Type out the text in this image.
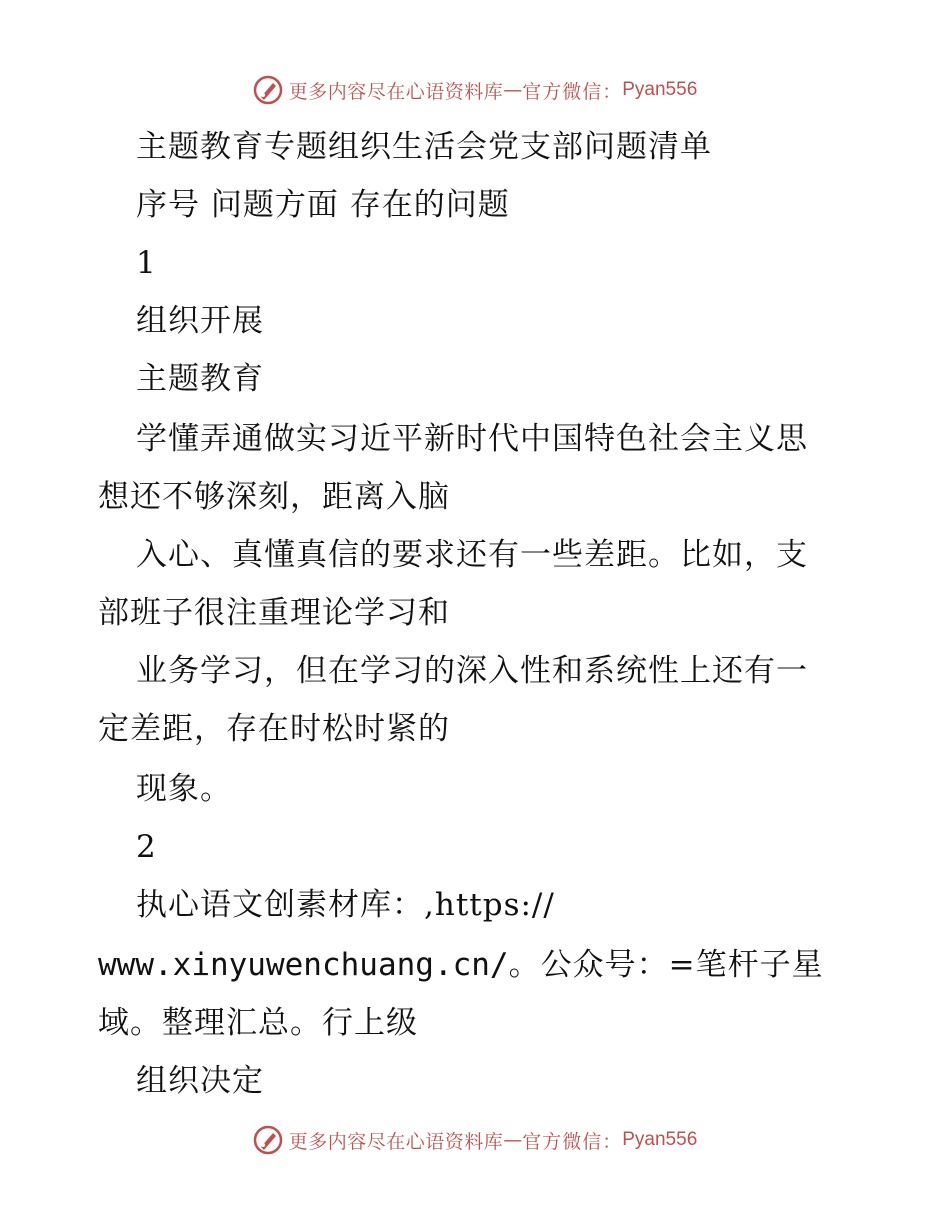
更多内容尽在心语资料库 — 官方微信： Pyan556
主题教育专题组织生活会党支部问题清单
序号 问题方面 存在的问题
1
组织开展
主题教育
学懂弄通做实习近平新时代中国特色社会主义思
想还不够深刻，距离入脑
入心、真懂真信的要求还有一些差距。比如，支
部班子很注重理论学习和
业务学习，但在学习的深入性和系统性上还有一
定差距，存在时松时紧的
现象。
2
执心语文创素材库：,https://
www.xinyuwenchuang.cn/。公众号：=笔杆子星
域。整理汇总。行上级
组织决定
更多内容尽在心语资料库 — 官方微信： Pyan556
